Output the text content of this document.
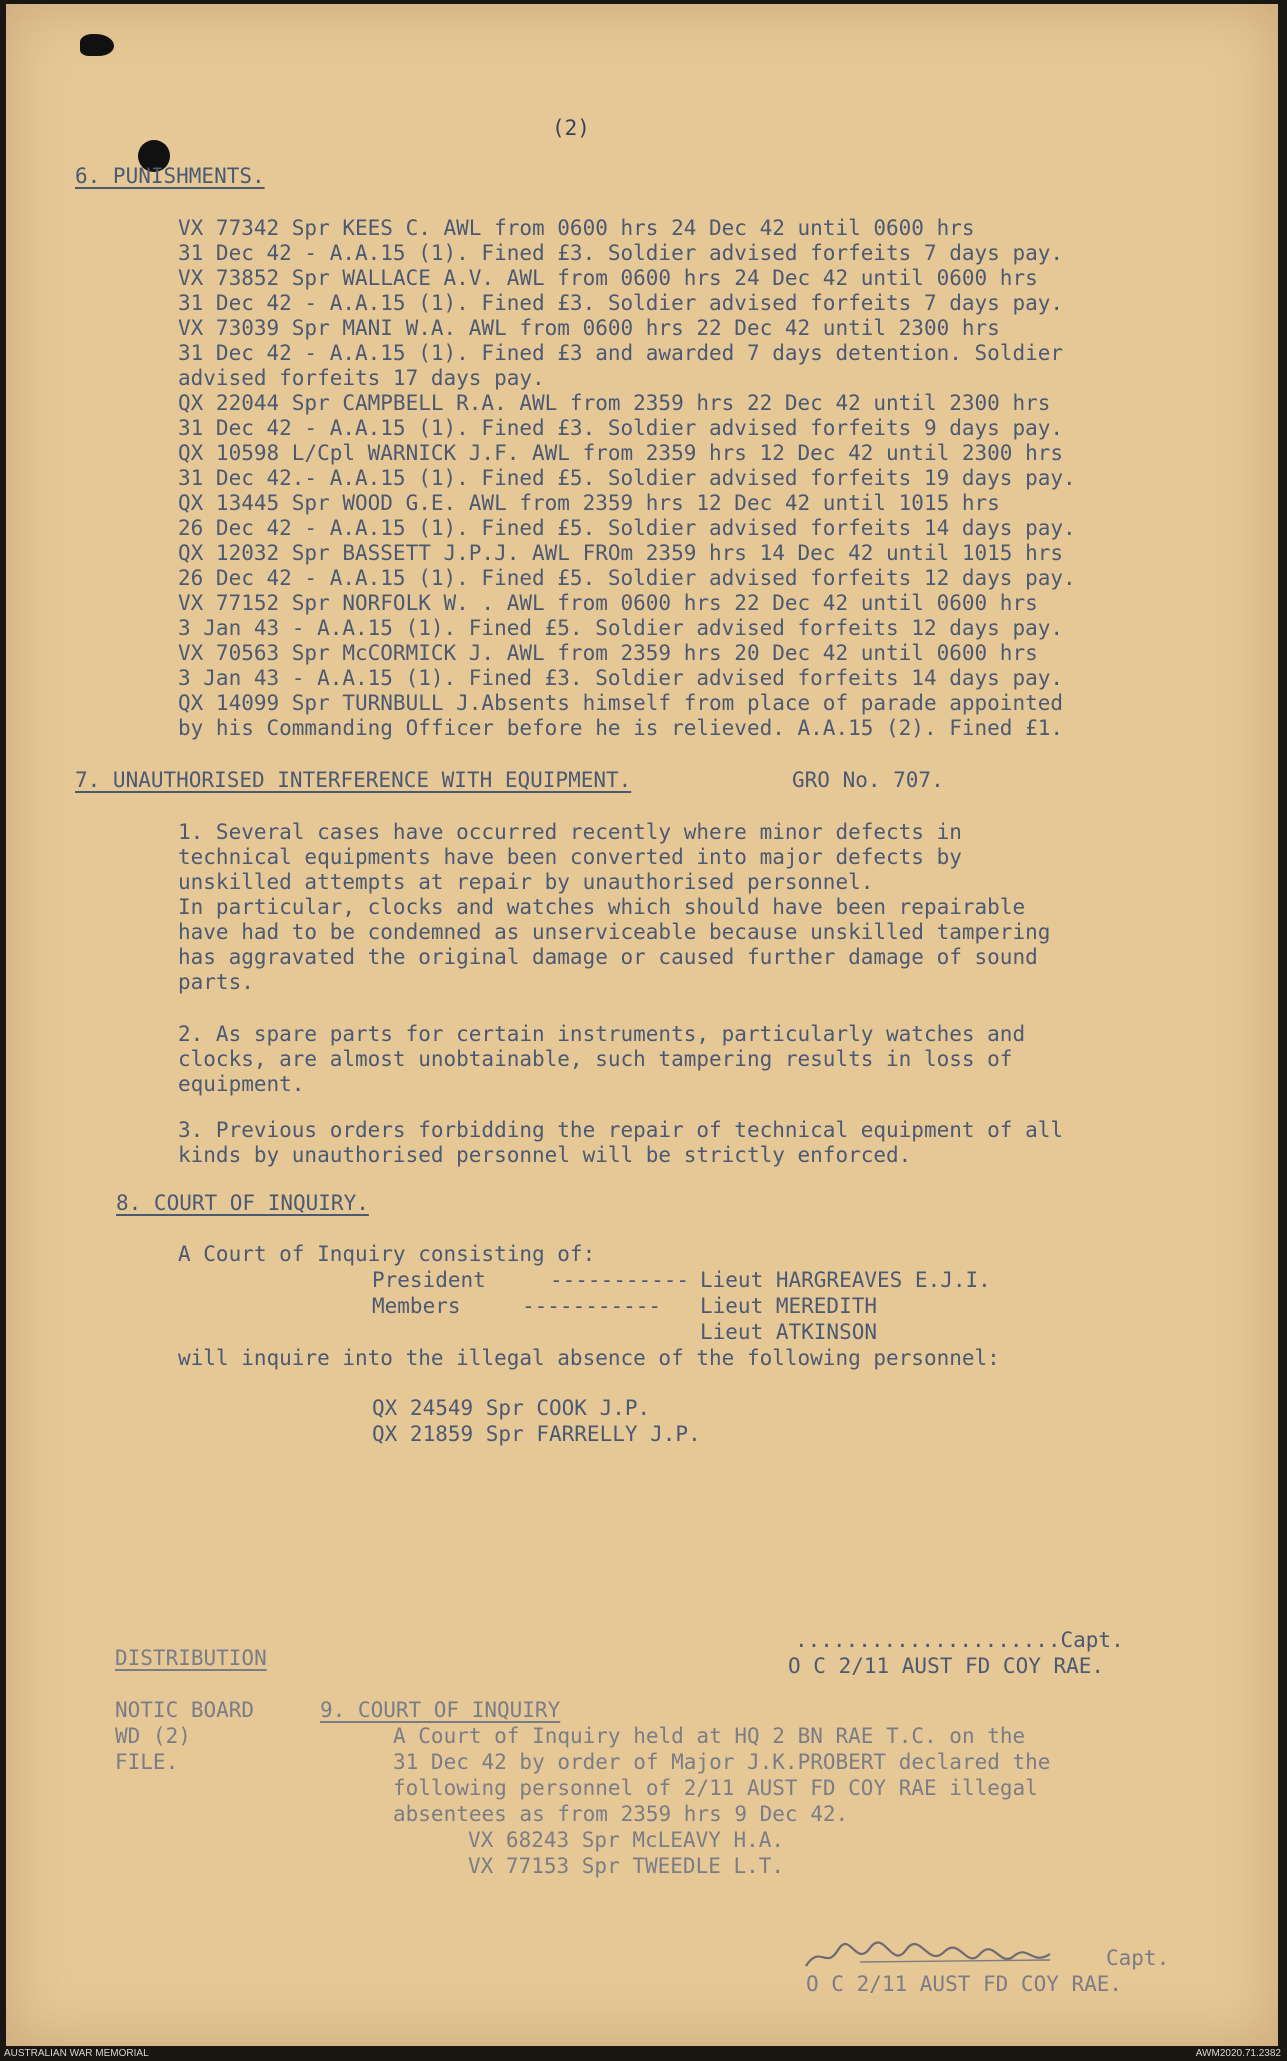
(2)
6. PUNISHMENTS.
VX 77342 Spr KEES C. AWL from 0600 hrs 24 Dec 42 until 0600 hrs
31 Dec 42 - A.A.15 (1). Fined £3. Soldier advised forfeits 7 days pay.
VX 73852 Spr WALLACE A.V. AWL from 0600 hrs 24 Dec 42 until 0600 hrs
31 Dec 42 - A.A.15 (1). Fined £3. Soldier advised forfeits 7 days pay.
VX 73039 Spr MANI W.A. AWL from 0600 hrs 22 Dec 42 until 2300 hrs
31 Dec 42 - A.A.15 (1). Fined £3 and awarded 7 days detention. Soldier
advised forfeits 17 days pay.
QX 22044 Spr CAMPBELL R.A. AWL from 2359 hrs 22 Dec 42 until 2300 hrs
31 Dec 42 - A.A.15 (1). Fined £3. Soldier advised forfeits 9 days pay.
QX 10598 L/Cpl WARNICK J.F. AWL from 2359 hrs 12 Dec 42 until 2300 hrs
31 Dec 42.- A.A.15 (1). Fined £5. Soldier advised forfeits 19 days pay.
QX 13445 Spr WOOD G.E. AWL from 2359 hrs 12 Dec 42 until 1015 hrs
26 Dec 42 - A.A.15 (1). Fined £5. Soldier advised forfeits 14 days pay.
QX 12032 Spr BASSETT J.P.J. AWL FROm 2359 hrs 14 Dec 42 until 1015 hrs
26 Dec 42 - A.A.15 (1). Fined £5. Soldier advised forfeits 12 days pay.
VX 77152 Spr NORFOLK W. . AWL from 0600 hrs 22 Dec 42 until 0600 hrs
3 Jan 43 - A.A.15 (1). Fined £5. Soldier advised forfeits 12 days pay.
VX 70563 Spr McCORMICK J. AWL from 2359 hrs 20 Dec 42 until 0600 hrs
3 Jan 43 - A.A.15 (1). Fined £3. Soldier advised forfeits 14 days pay.
QX 14099 Spr TURNBULL J.Absents himself from place of parade appointed
by his Commanding Officer before he is relieved. A.A.15 (2). Fined £1.
7. UNAUTHORISED INTERFERENCE WITH EQUIPMENT.	GRO No. 707.
1. Several cases have occurred recently where minor defects in
technical equipments have been converted into major defects by
unskilled attempts at repair by unauthorised personnel.
In particular, clocks and watches which should have been repairable
have had to be condemned as unserviceable because unskilled tampering
has aggravated the original damage or caused further damage of sound
parts.
2. As spare parts for certain instruments, particularly watches and
clocks, are almost unobtainable, such tampering results in loss of
equipment.
3. Previous orders forbidding the repair of technical equipment of all
kinds by unauthorised personnel will be strictly enforced.
8. COURT OF INQUIRY.
A Court of Inquiry consisting of:
President	----------- Lieut HARGREAVES E.J.I.
Members	----------- Lieut MEREDITH
Lieut ATKINSON
will inquire into the illegal absence of the following personnel:
QX 24549 Spr COOK J.P.
QX 21859 Spr FARRELLY J.P.
.....................Capt.
O C 2/11 AUST FD COY RAE.
DISTRIBUTION
NOTIC BOARD
WD (2)
FILE.
9. COURT OF INQUIRY
A Court of Inquiry held at HQ 2 BN RAE T.C. on the
31 Dec 42 by order of Major J.K.PROBERT declared the
following personnel of 2/11 AUST FD COY RAE illegal
absentees as from 2359 hrs 9 Dec 42.
VX 68243 Spr McLEAVY H.A.
VX 77153 Spr TWEEDLE L.T.
Capt.
O C 2/11 AUST FD COY RAE.
AUSTRALIAN WAR MEMORIAL	AWM2020.71.2382
